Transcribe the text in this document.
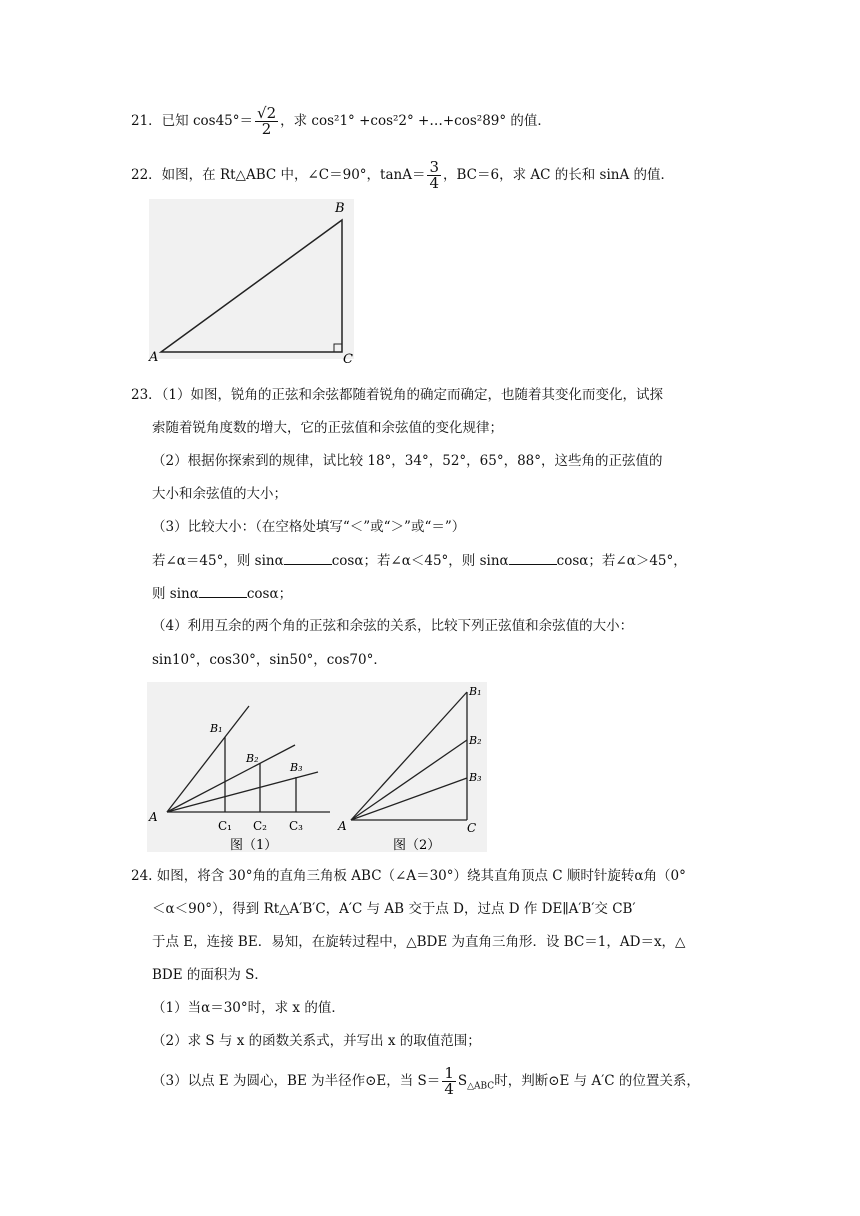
21．已知 $\cos 45^\circ= \frac{√2}{2}$ ，求 cos²1° +cos²2° +…+cos²89° 的值．
22．如图，在 Rt△ABC 中，∠C＝90°，$\tan A= \frac{3}{4}$ ，BC＝6，求 AC 的长和 sinA 的值．
A
B
C
23．（1）如图，锐角的正弦和余弦都随着锐角的确定而确定，也随着其变化而变化，试探
索随着锐角度数的增大，它的正弦值和余弦值的变化规律；
（2）根据你探索到的规律，试比较 18°，34°，52°，65°，88°，这些角的正弦值的
大小和余弦值的大小；
（3）比较大小：（在空格处填写“＜”或“＞”或“＝”）
若∠α＝45°，则 sinα	cosα；若∠α＜45°，则 sinα	cosα；若∠α＞45°，
则 sinα	cosα；
（4）利用互余的两个角的正弦和余弦的关系，比较下列正弦值和余弦值的大小：
sin10°，cos30°，sin50°，cos70°．
A
B₁
B₂
B₃
C₁ C₂ C₃
图（1）
A
B₁
B₂
B₃
C
图（2）
24. 如图，将含 30°角的直角三角板 ABC（∠A＝30°）绕其直角顶点 C 顺时针旋转α角（0°
＜α＜90°），得到 Rt△A′B′C，A′C 与 AB 交于点 D，过点 D 作 DE∥A′B′交 CB′
于点 E，连接 BE．易知，在旋转过程中，△BDE 为直角三角形．设 BC＝1，AD＝x，△
BDE 的面积为 S．
（1）当α＝30°时，求 x 的值．
（2）求 S 与 x 的函数关系式，并写出 x 的取值范围；
（3）以点 E 为圆心，BE 为半径作⊙E，当 $S= \frac{1}{4} S_{\triangle ABC}$时，判断⊙E 与 A′C 的位置关系，
